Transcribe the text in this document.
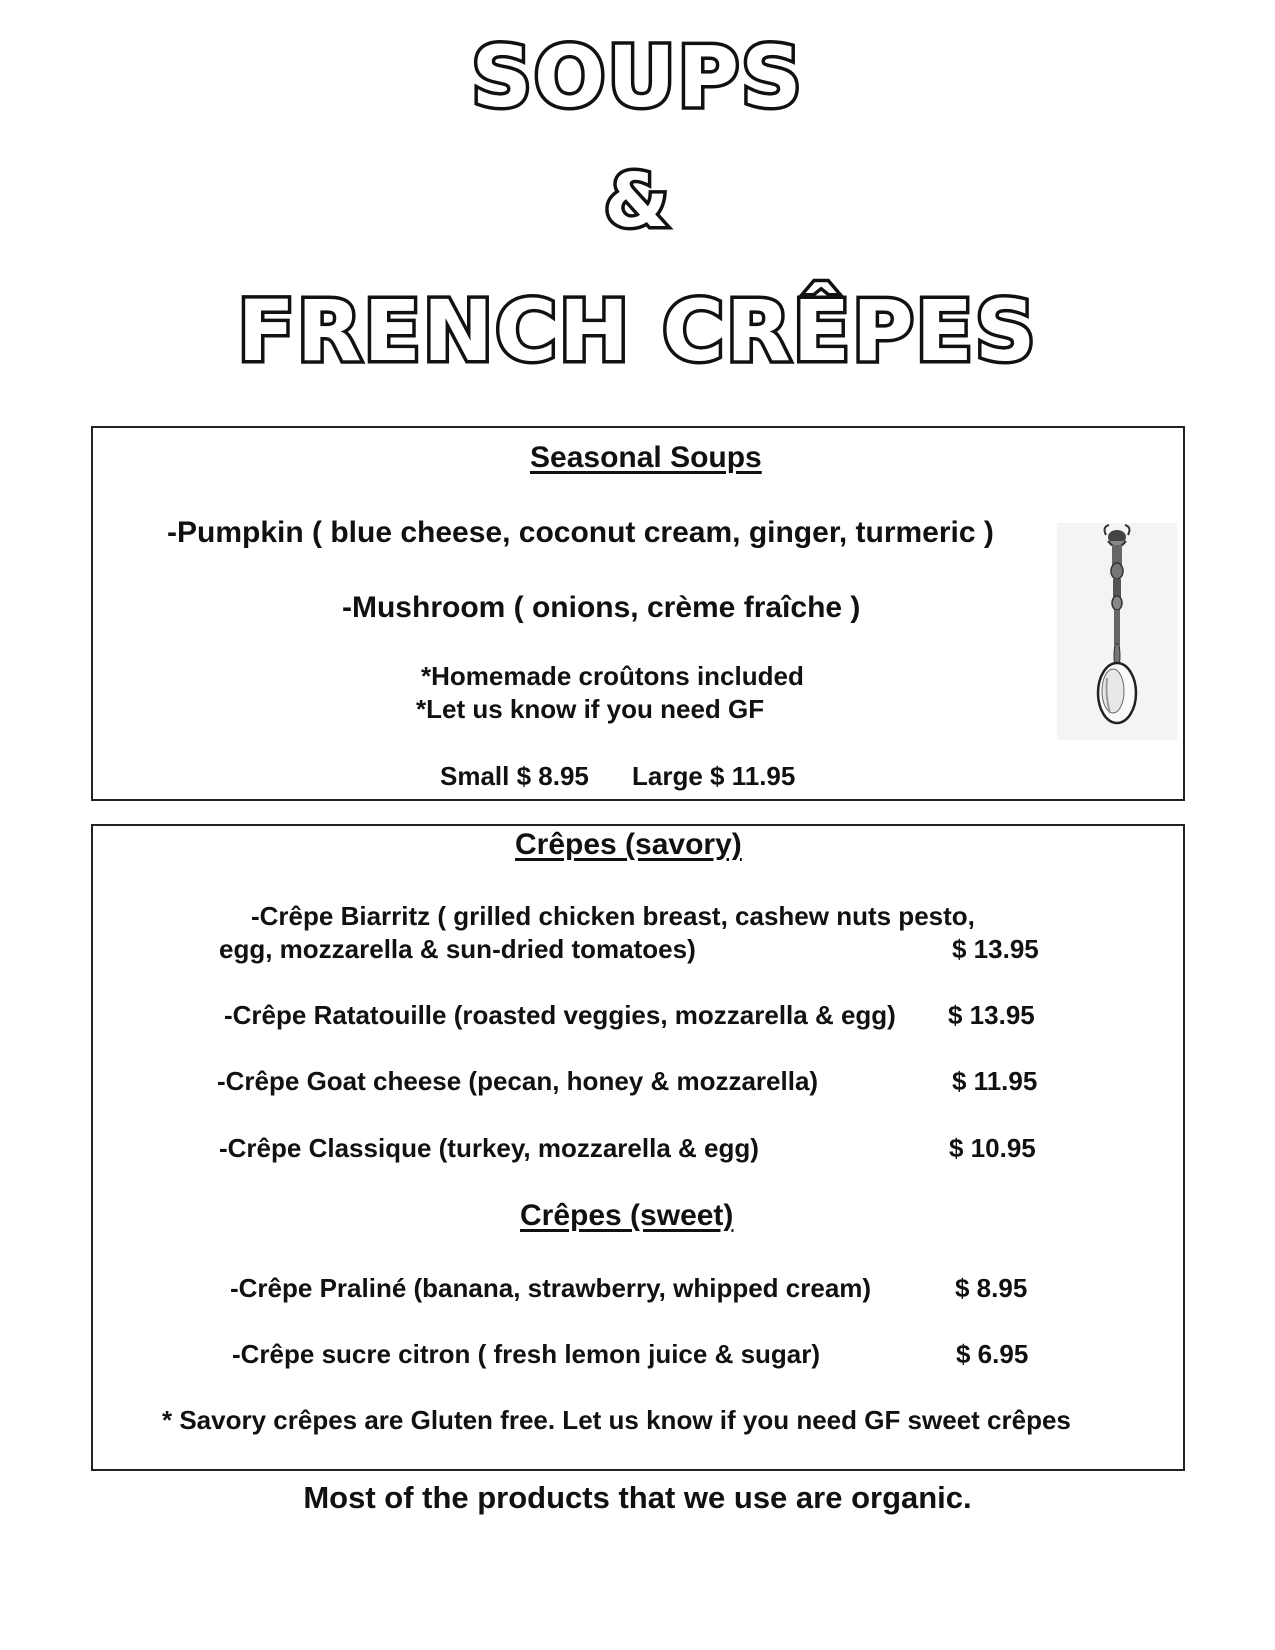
SOUPS
&
FRENCH CRÊPES
Seasonal Soups
-Pumpkin ( blue cheese, coconut cream, ginger, turmeric )
-Mushroom ( onions, crème fraîche )
*Homemade croûtons included
*Let us know if you need GF
Small $ 8.95 Large $ 11.95
Crêpes (savory)
-Crêpe Biarritz ( grilled chicken breast, cashew nuts pesto,
egg, mozzarella & sun-dried tomatoes)	$ 13.95
-Crêpe Ratatouille (roasted veggies, mozzarella & egg) $ 13.95
-Crêpe Goat cheese (pecan, honey & mozzarella)	$ 11.95
-Crêpe Classique (turkey, mozzarella & egg)	$ 10.95
Crêpes (sweet)
-Crêpe Praliné (banana, strawberry, whipped cream)	$ 8.95
-Crêpe sucre citron ( fresh lemon juice & sugar)	$ 6.95
* Savory crêpes are Gluten free. Let us know if you need GF sweet crêpes
Most of the products that we use are organic.
